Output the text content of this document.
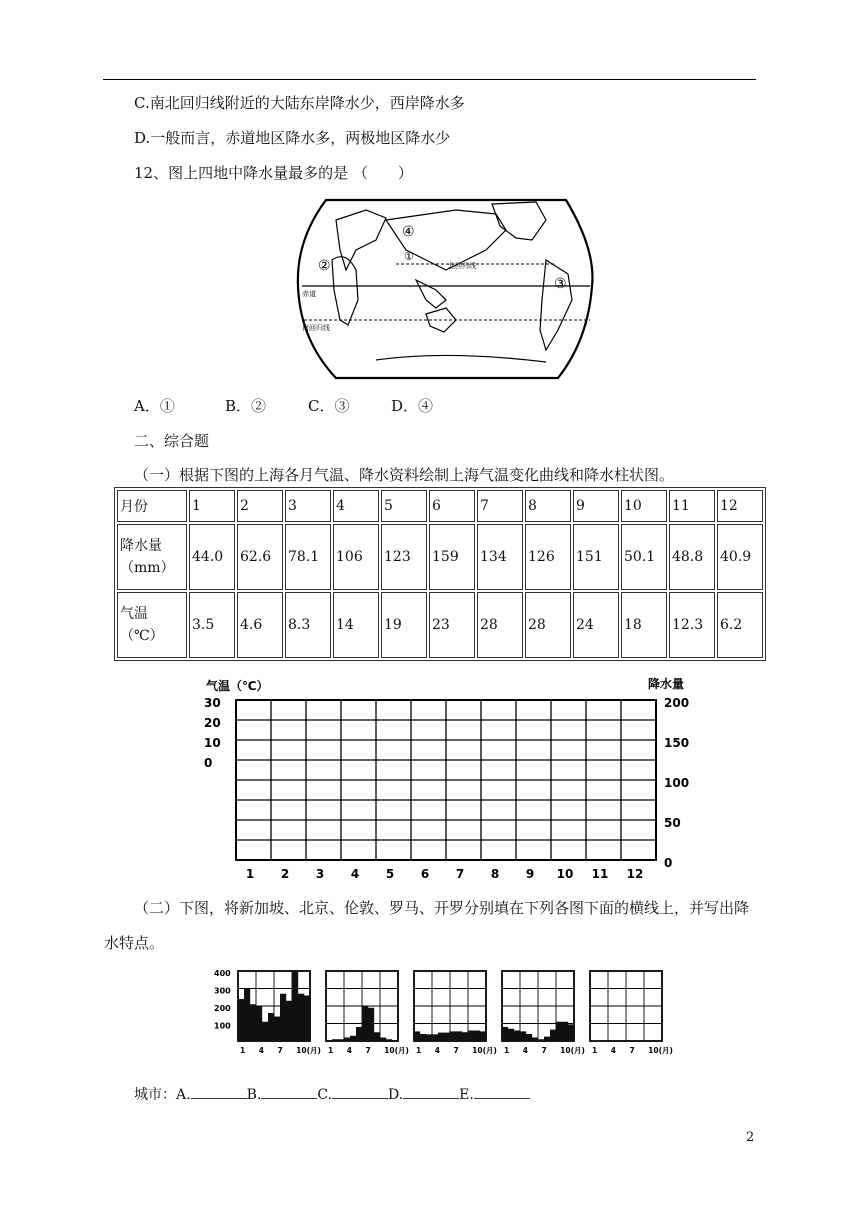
C.南北回归线附近的大陆东岸降水少，西岸降水多
D.一般而言，赤道地区降水多，两极地区降水少
12、图上四地中降水量最多的是 （　　）
①
②
③
④
北回归线
赤道
南回归线
A．①	B．②	C．③	D．④
二、综合题
（一）根据下图的上海各月气温、降水资料绘制上海气温变化曲线和降水柱状图。
月份	1	2	3	4	5	6	7	8	9	10	11	12
降水量
（mm）	44.0	62.6	78.1	106	123	159	134	126	151	50.1	48.8	40.9
气温
（℃）	3.5	4.6	8.3	14	19	23	28	28	24	18	12.3	6.2
气温（℃）	降水量
30
20
10
0
200
150
100
50
0
1 2 3 4 5 6 7 8 9 10 11 12
（二）下图，将新加坡、北京、伦敦、罗马、开罗分别填在下列各图下面的横线上，并写出降
水特点。
400
300
200
100
1 4 7 10(月) 1 4 7 10(月) 1 4 7 10(月) 1 4 7 10(月) 1 4 7 10(月)
城市：A.	B.	C.	D.	E.
2
